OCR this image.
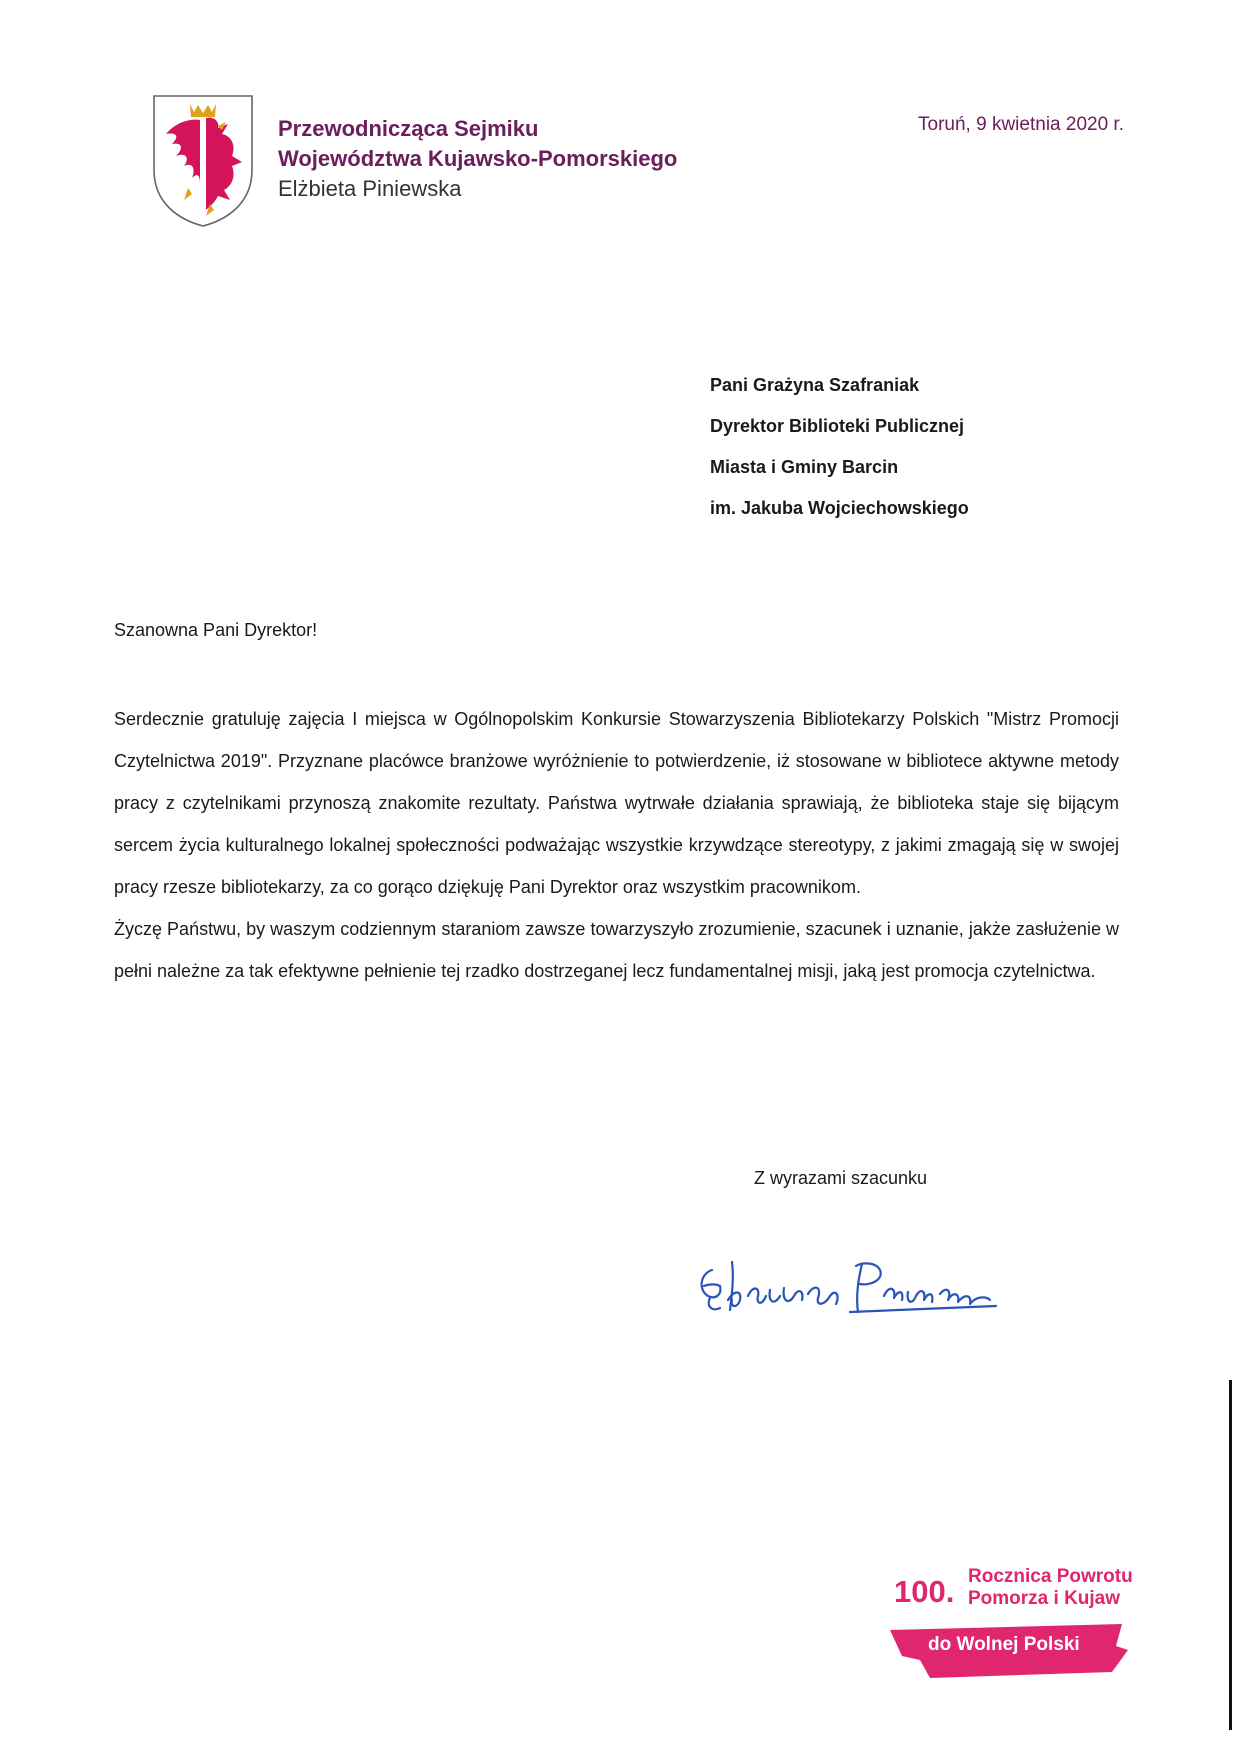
Przewodnicząca Sejmiku
Województwa Kujawsko-Pomorskiego
Elżbieta Piniewska
Toruń, 9 kwietnia 2020 r.
Pani Grażyna Szafraniak
Dyrektor Biblioteki Publicznej
Miasta i Gminy Barcin
im. Jakuba Wojciechowskiego
Szanowna Pani Dyrektor!

Serdecznie gratuluję zajęcia I miejsca w Ogólnopolskim Konkursie Stowarzyszenia Bibliotekarzy Polskich "Mistrz Promocji Czytelnictwa 2019". Przyznane placówce branżowe wyróżnienie to potwierdzenie, iż stosowane w bibliotece aktywne metody pracy z czytelnikami przynoszą znakomite rezultaty. Państwa wytrwałe działania sprawiają, że biblioteka staje się bijącym sercem życia kulturalnego lokalnej społeczności podważając wszystkie krzywdzące stereotypy, z jakimi zmagają się w swojej pracy rzesze bibliotekarzy, za co gorąco dziękuję Pani Dyrektor oraz wszystkim pracownikom.

Życzę Państwu, by waszym codziennym staraniom zawsze towarzyszyło zrozumienie, szacunek i uznanie, jakże zasłużenie w pełni należne za tak efektywne pełnienie tej rzadko dostrzeganej lecz fundamentalnej misji, jaką jest promocja czytelnictwa.

Z wyrazami szacunku
100. Rocznica Powrotu
Pomorza i Kujaw
do Wolnej Polski
